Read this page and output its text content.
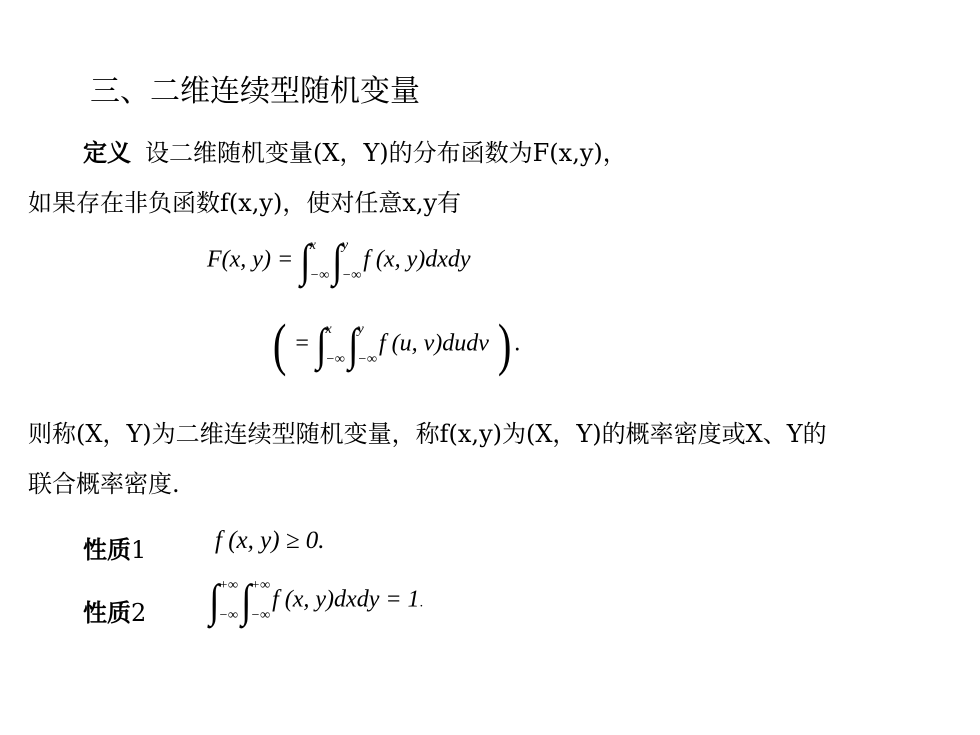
三、二维连续型随机变量
定义 设二维随机变量(X，Y)的分布函数为F(x,y)，
如果存在非负函数f(x,y)，使对任意x,y有
F(x, y) = ∫ x
−∞ ∫ y
−∞
f (x, y)dxdy
( = ∫ x
−∞ ∫ y
−∞
f (u, v)dudv ) .
则称(X，Y)为二维连续型随机变量，称f(x,y)为(X，Y)的概率密度或X、Y的
联合概率密度.
性质1	f (x, y) ≥ 0.
性质2 ∫ +∞
−∞ ∫ +∞
−∞
f (x, y)dxdy = 1.
